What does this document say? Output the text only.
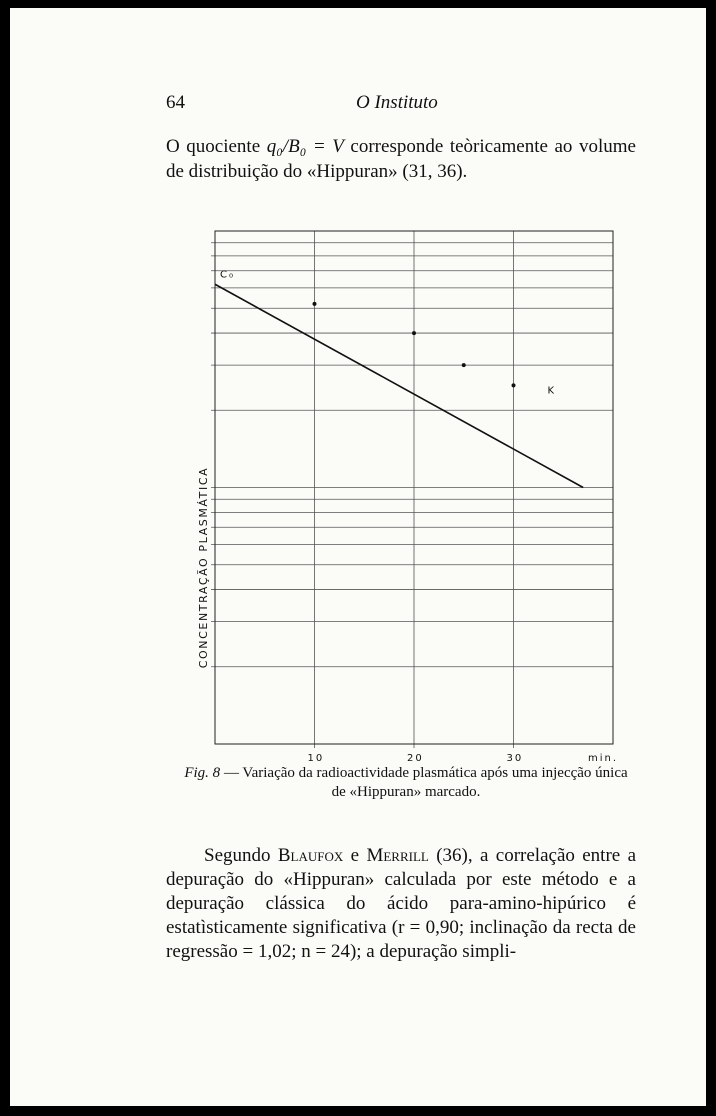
64	O Instituto

O quociente q₀/B₀ = V corresponde teòricamente ao volume de distribuição do «Hippuran» (31, 36).

C₀
K
10	20	30	min.
CONCENTRAÇÃO PLASMÁTICA
Fig. 8 — Variação da radioactividade plasmática após uma injecção única de «Hippuran» marcado.

Segundo Blaufox e Merrill (36), a correlação entre a depuração do «Hippuran» calculada por este método e a depuração clássica do ácido para-amino-hipúrico é estatìsticamente significativa (r = 0,90; inclinação da recta de regressão = 1,02; n = 24); a depuração simpli-
